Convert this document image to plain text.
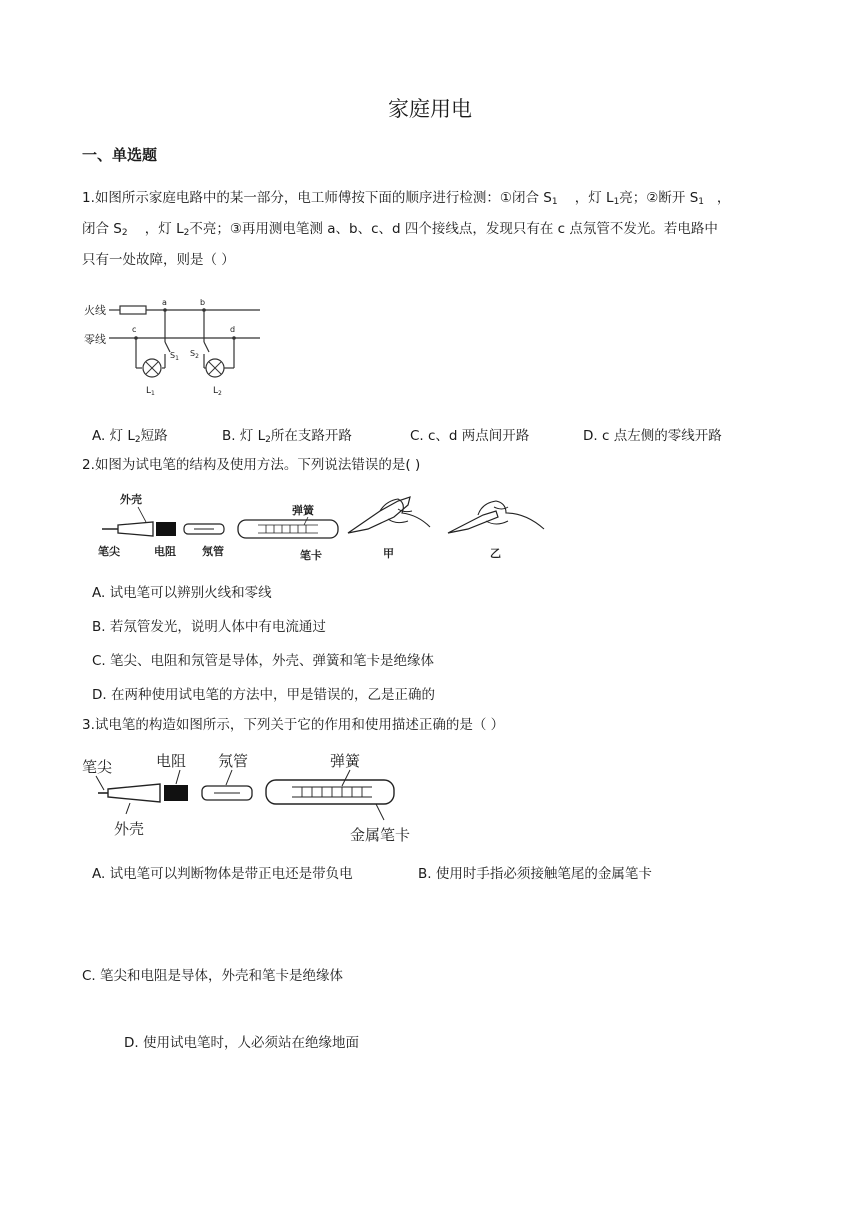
家庭用电
一、单选题
1.如图所示家庭电路中的某一部分，电工师傅按下面的顺序进行检测：①闭合 $S_1$ ，灯 $L_1$亮；②断开 $S_1$ ，
闭合 $S_2$ ，灯 $L_2$不亮；③再用测电笔测 a、b、c、d 四个接线点，发现只有在 c 点氖管不发光。若电路中
只有一处故障，则是（ ）
火线
零线
a	b
c	d
$S_1$
$L_1$
$S_2$
$L_2$
A. 灯 $L_2$短路	B. 灯 $L_2$所在支路开路	C. c、d 两点间开路	D. c 点左侧的零线开路
2.如图为试电笔的结构及使用方法。下列说法错误的是( )
外壳
弹簧
笔尖	电阻 氖管	笔卡	甲	乙
A. 试电笔可以辨别火线和零线
B. 若氖管发光，说明人体中有电流通过
C. 笔尖、电阻和氖管是导体，外壳、弹簧和笔卡是绝缘体
D. 在两种使用试电笔的方法中，甲是错误的，乙是正确的
3.试电笔的构造如图所示，下列关于它的作用和使用描述正确的是（ ）
笔尖	电阻 氖管	弹簧
外壳	金属笔卡
A. 试电笔可以判断物体是带正电还是带负电	B. 使用时手指必须接触笔尾的金属笔卡
C. 笔尖和电阻是导体，外壳和笔卡是绝缘体
D. 使用试电笔时，人必须站在绝缘地面
